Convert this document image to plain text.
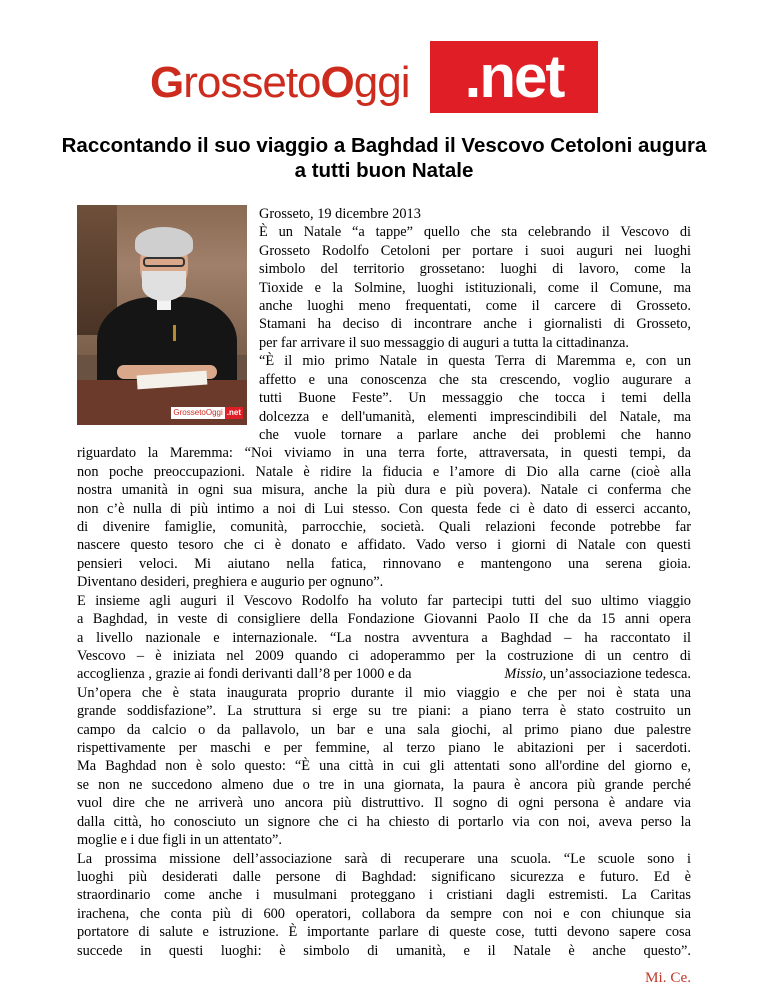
GrossetoOggi .net
Raccontando il suo viaggio a Baghdad il Vescovo Cetoloni augura a tutti buon Natale
GrossetoOggi .net
Grosseto, 19 dicembre 2013
È un Natale “a tappe” quello che sta celebrando il Vescovo di
Grosseto Rodolfo Cetoloni per portare i suoi auguri nei luoghi
simbolo del territorio grossetano: luoghi di lavoro, come la
Tioxide e la Solmine, luoghi istituzionali, come il Comune, ma
anche luoghi meno frequentati, come il carcere di Grosseto.
Stamani ha deciso di incontrare anche i giornalisti di Grosseto,
per far arrivare il suo messaggio di auguri a tutta la cittadinanza.
“È il mio primo Natale in questa Terra di Maremma e, con un
affetto e una conoscenza che sta crescendo, voglio augurare a
tutti Buone Feste”. Un messaggio che tocca i temi della
dolcezza e dell'umanità, elementi imprescindibili del Natale, ma
che vuole tornare a parlare anche dei problemi che hanno
riguardato la Maremma: “Noi viviamo in una terra forte, attraversata, in questi tempi, da
non poche preoccupazioni. Natale è ridire la fiducia e l’amore di Dio alla carne (cioè alla
nostra umanità in ogni sua misura, anche la più dura e più povera). Natale ci conferma che
non c’è nulla di più intimo a noi di Lui stesso. Con questa fede ci è dato di esserci accanto,
di divenire famiglie, comunità, parrocchie, società. Quali relazioni feconde potrebbe far
nascere questo tesoro che ci è donato e affidato. Vado verso i giorni di Natale con questi
pensieri veloci. Mi aiutano nella fatica, rinnovano e mantengono una serena gioia.
Diventano desideri, preghiera e augurio per ognuno”.
E insieme agli auguri il Vescovo Rodolfo ha voluto far partecipi tutti del suo ultimo viaggio
a Baghdad, in veste di consigliere della Fondazione Giovanni Paolo II che da 15 anni opera
a livello nazionale e internazionale. “La nostra avventura a Baghdad – ha raccontato il
Vescovo – è iniziata nel 2009 quando ci adoperammo per la costruzione di un centro di
accoglienza , grazie ai fondi derivanti dall’8 per 1000 e da	Missio, un’associazione tedesca.
Un’opera che è stata inaugurata proprio durante il mio viaggio e che per noi è stata una
grande soddisfazione”. La struttura si erge su tre piani: a piano terra è stato costruito un
campo da calcio o da pallavolo, un bar e una sala giochi, al primo piano due palestre
rispettivamente per maschi e per femmine, al terzo piano le abitazioni per i sacerdoti.
Ma Baghdad non è solo questo: “È una città in cui gli attentati sono all'ordine del giorno e,
se non ne succedono almeno due o tre in una giornata, la paura è ancora più grande perché
vuol dire che ne arriverà uno ancora più distruttivo. Il sogno di ogni persona è andare via
dalla città, ho conosciuto un signore che ci ha chiesto di portarlo via con noi, aveva perso la
moglie e i due figli in un attentato”.
La prossima missione dell’associazione sarà di recuperare una scuola. “Le scuole sono i
Mi. Ce.
luoghi più desiderati dalle persone di Baghdad: significano sicurezza e futuro. Ed è
straordinario come anche i musulmani proteggano i cristiani dagli estremisti. La Caritas
irachena, che conta più di 600 operatori, collabora da sempre con noi e con chiunque sia
portatore di salute e istruzione. È importante parlare di queste cose, tutti devono sapere cosa
succede in questi luoghi: è simbolo di umanità, e il Natale è anche questo”.
